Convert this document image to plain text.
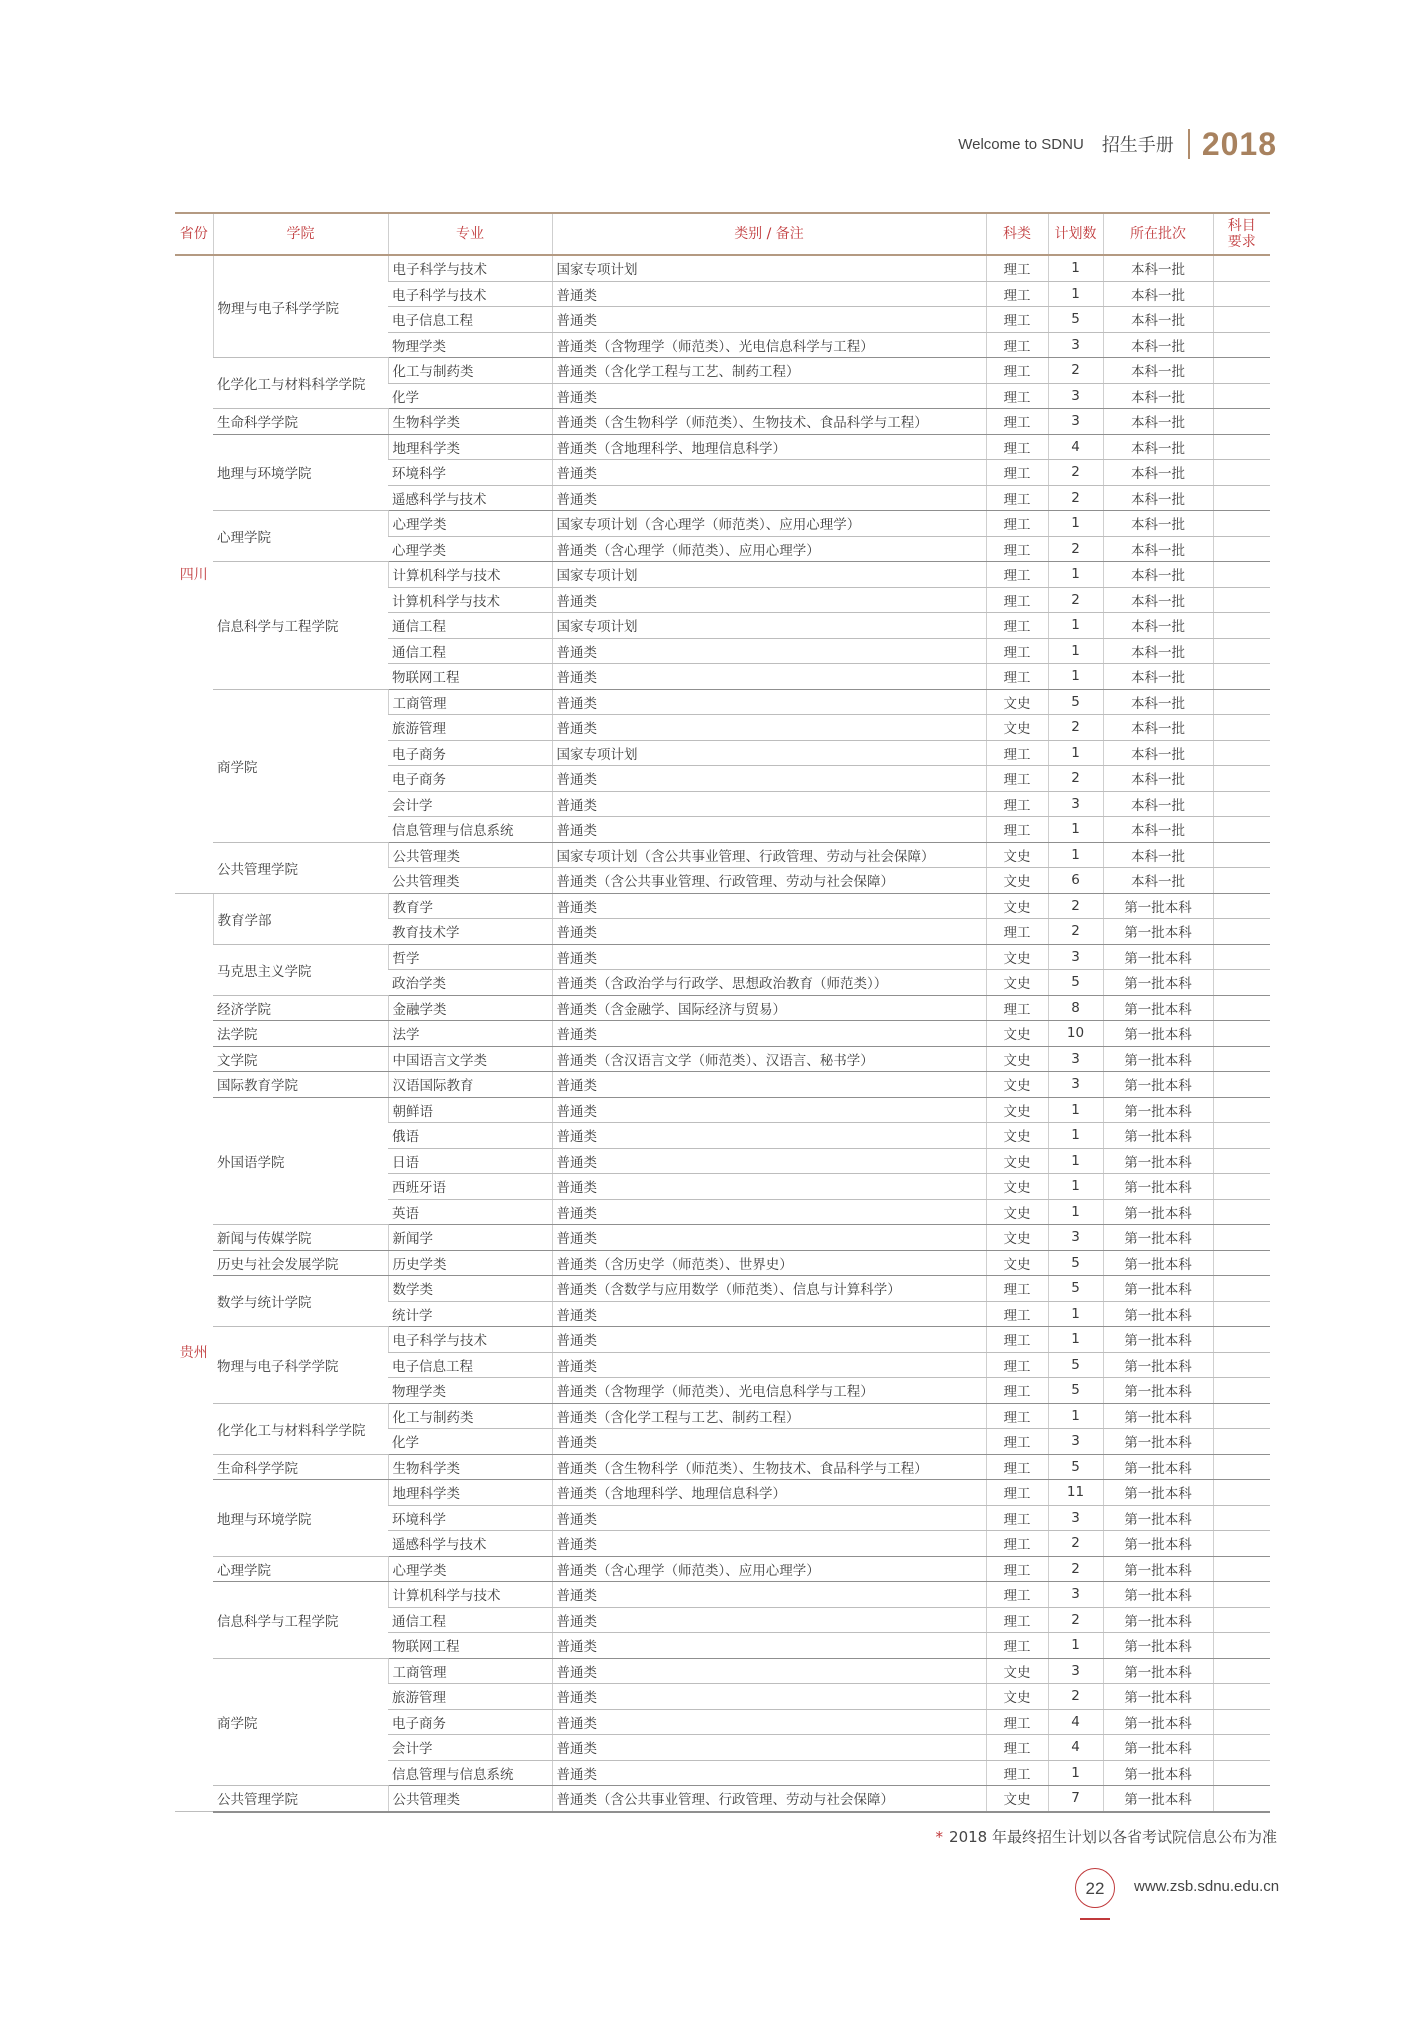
Welcome to SDNU 招生手册 2018
省份	学院	专业	类别 / 备注	科类	计划数	所在批次	科目
要求
四川	物理与电子科学学院	电子科学与技术	国家专项计划	理工	1	本科一批	
		电子科学与技术	普通类	理工	1	本科一批	
		电子信息工程	普通类	理工	5	本科一批	
		物理学类	普通类（含物理学（师范类）、光电信息科学与工程）	理工	3	本科一批	
	化学化工与材料科学学院	化工与制药类	普通类（含化学工程与工艺、制药工程）	理工	2	本科一批	
		化学	普通类	理工	3	本科一批	
	生命科学学院	生物科学类	普通类（含生物科学（师范类）、生物技术、食品科学与工程）	理工	3	本科一批	
	地理与环境学院	地理科学类	普通类（含地理科学、地理信息科学）	理工	4	本科一批	
		环境科学	普通类	理工	2	本科一批	
		遥感科学与技术	普通类	理工	2	本科一批	
	心理学院	心理学类	国家专项计划（含心理学（师范类）、应用心理学）	理工	1	本科一批	
		心理学类	普通类（含心理学（师范类）、应用心理学）	理工	2	本科一批	
	信息科学与工程学院	计算机科学与技术	国家专项计划	理工	1	本科一批	
		计算机科学与技术	普通类	理工	2	本科一批	
		通信工程	国家专项计划	理工	1	本科一批	
		通信工程	普通类	理工	1	本科一批	
		物联网工程	普通类	理工	1	本科一批	
	商学院	工商管理	普通类	文史	5	本科一批	
		旅游管理	普通类	文史	2	本科一批	
		电子商务	国家专项计划	理工	1	本科一批	
		电子商务	普通类	理工	2	本科一批	
		会计学	普通类	理工	3	本科一批	
		信息管理与信息系统	普通类	理工	1	本科一批	
	公共管理学院	公共管理类	国家专项计划（含公共事业管理、行政管理、劳动与社会保障）	文史	1	本科一批	
		公共管理类	普通类（含公共事业管理、行政管理、劳动与社会保障）	文史	6	本科一批	
贵州	教育学部	教育学	普通类	文史	2	第一批本科	
		教育技术学	普通类	理工	2	第一批本科	
	马克思主义学院	哲学	普通类	文史	3	第一批本科	
		政治学类	普通类（含政治学与行政学、思想政治教育（师范类））	文史	5	第一批本科	
	经济学院	金融学类	普通类（含金融学、国际经济与贸易）	理工	8	第一批本科	
	法学院	法学	普通类	文史	10	第一批本科	
	文学院	中国语言文学类	普通类（含汉语言文学（师范类）、汉语言、秘书学）	文史	3	第一批本科	
	国际教育学院	汉语国际教育	普通类	文史	3	第一批本科	
	外国语学院	朝鲜语	普通类	文史	1	第一批本科	
		俄语	普通类	文史	1	第一批本科	
		日语	普通类	文史	1	第一批本科	
		西班牙语	普通类	文史	1	第一批本科	
		英语	普通类	文史	1	第一批本科	
	新闻与传媒学院	新闻学	普通类	文史	3	第一批本科	
	历史与社会发展学院	历史学类	普通类（含历史学（师范类）、世界史）	文史	5	第一批本科	
	数学与统计学院	数学类	普通类（含数学与应用数学（师范类）、信息与计算科学）	理工	5	第一批本科	
		统计学	普通类	理工	1	第一批本科	
	物理与电子科学学院	电子科学与技术	普通类	理工	1	第一批本科	
		电子信息工程	普通类	理工	5	第一批本科	
		物理学类	普通类（含物理学（师范类）、光电信息科学与工程）	理工	5	第一批本科	
	化学化工与材料科学学院	化工与制药类	普通类（含化学工程与工艺、制药工程）	理工	1	第一批本科	
		化学	普通类	理工	3	第一批本科	
	生命科学学院	生物科学类	普通类（含生物科学（师范类）、生物技术、食品科学与工程）	理工	5	第一批本科	
	地理与环境学院	地理科学类	普通类（含地理科学、地理信息科学）	理工	11	第一批本科	
		环境科学	普通类	理工	3	第一批本科	
		遥感科学与技术	普通类	理工	2	第一批本科	
	心理学院	心理学类	普通类（含心理学（师范类）、应用心理学）	理工	2	第一批本科	
	信息科学与工程学院	计算机科学与技术	普通类	理工	3	第一批本科	
		通信工程	普通类	理工	2	第一批本科	
		物联网工程	普通类	理工	1	第一批本科	
	商学院	工商管理	普通类	文史	3	第一批本科	
		旅游管理	普通类	文史	2	第一批本科	
		电子商务	普通类	理工	4	第一批本科	
		会计学	普通类	理工	4	第一批本科	
		信息管理与信息系统	普通类	理工	1	第一批本科	
	公共管理学院	公共管理类	普通类（含公共事业管理、行政管理、劳动与社会保障）	文史	7	第一批本科	
* 2018 年最终招生计划以各省考试院信息公布为准
22	www.zsb.sdnu.edu.cn
